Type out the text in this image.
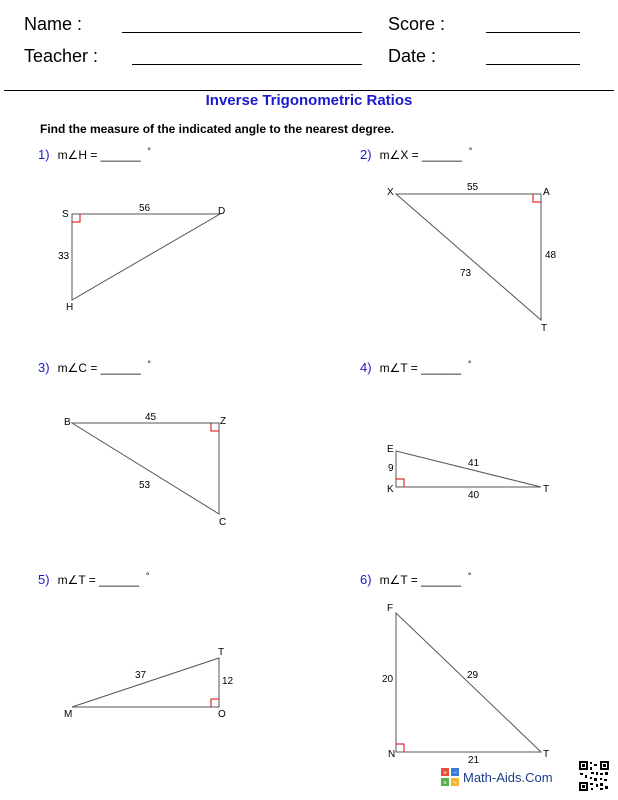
Name :	Score :
Teacher :	Date :
Inverse Trigonometric Ratios
Find the measure of the indicated angle to the nearest degree.
1) m∠H = ______ °	2) m∠X = ______ °
3) m∠C = ______ °	4) m∠T = ______ °
5) m∠T = ______ °	6) m∠T = ______ °
S	D
H
56
33
X	A
T
55
48
73
B	Z
C
45
53
E
K	T
9	41
40
T
M	O
37
12
F
N	T
20	29
21
+ −
× ÷ Math-Aids.Com
